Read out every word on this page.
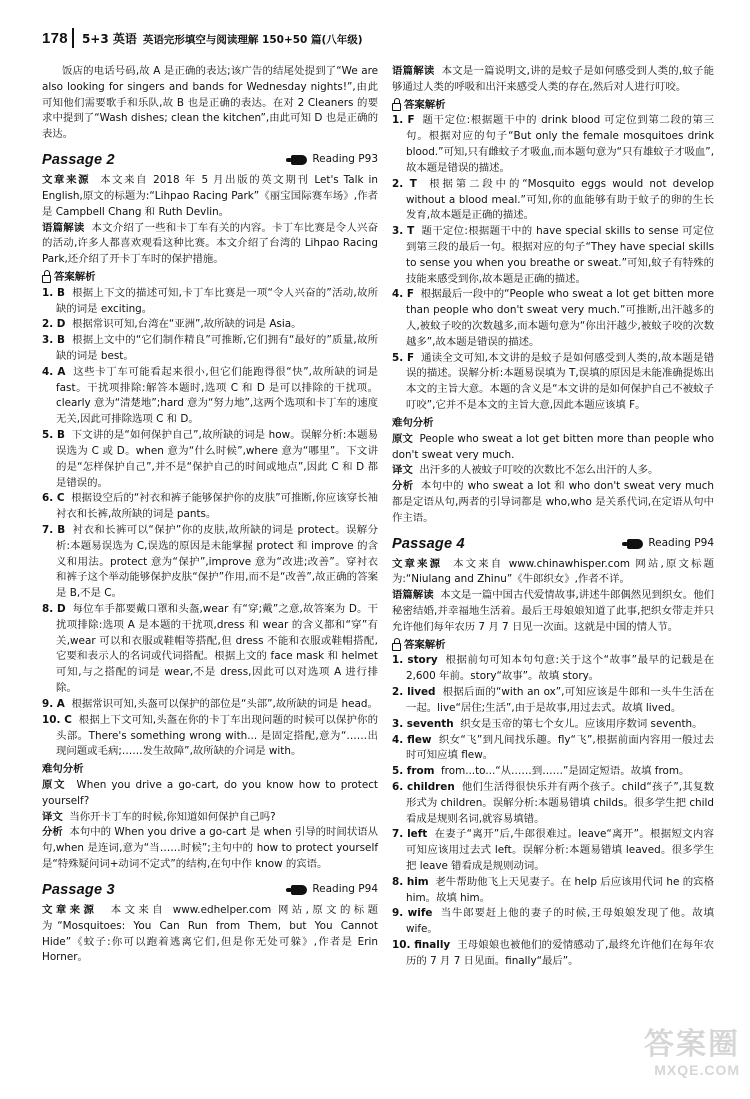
178 5+3 英语 英语完形填空与阅读理解 150+50 篇(八年级)

饭店的电话号码,故 A 是正确的表达;该广告的结尾处提到了“We are also looking for singers and bands for Wednesday nights!”,由此可知他们需要歌手和乐队,故 B 也是正确的表达。在对 2 Cleaners 的要求中提到了“Wash dishes; clean the kitchen”,由此可知 D 也是正确的表达。

Passage 2	Reading P93

文章来源 本文来自 2018 年 5 月出版的英文期刊 Let's Talk in English,原文的标题为:“Lihpao Racing Park”《丽宝国际赛车场》,作者是 Campbell Chang 和 Ruth Devlin。

语篇解读 本文介绍了一些和卡丁车有关的内容。卡丁车比赛是令人兴奋的活动,许多人都喜欢观看这种比赛。本文介绍了台湾的 Lihpao Racing Park,还介绍了开卡丁车时的保护措施。

答案解析

1. B 根据上下文的描述可知,卡丁车比赛是一项“令人兴奋的”活动,故所缺的词是 exciting。

2. D 根据常识可知,台湾在“亚洲”,故所缺的词是 Asia。

3. B 根据上文中的“它们制作精良”可推断,它们拥有“最好的”质量,故所缺的词是 best。

4. A 这些卡丁车可能看起来很小,但它们能跑得很“快”,故所缺的词是 fast。干扰项排除:解答本题时,选项 C 和 D 是可以排除的干扰项。clearly 意为“清楚地”;hard 意为“努力地”,这两个选项和卡丁车的速度无关,因此可排除选项 C 和 D。

5. B 下文讲的是“如何保护自己”,故所缺的词是 how。误解分析:本题易误选为 C 或 D。when 意为“什么时候”,where 意为“哪里”。下文讲的是“怎样保护自己”,并不是“保护自己的时间或地点”,因此 C 和 D 都是错误的。

6. C 根据设空后的“衬衣和裤子能够保护你的皮肤”可推断,你应该穿长袖衬衣和长裤,故所缺的词是 pants。

7. B 衬衣和长裤可以“保护”你的皮肤,故所缺的词是 protect。误解分析:本题易误选为 C,误选的原因是未能掌握 protect 和 improve 的含义和用法。protect 意为“保护”,improve 意为“改进;改善”。穿衬衣和裤子这个举动能够保护皮肤“保护”作用,而不是“改善”,故正确的答案是 B,不是 C。

8. D 每位车手都要戴口罩和头盔,wear 有“穿;戴”之意,故答案为 D。干扰项排除:选项 A 是本题的干扰项,dress 和 wear 的含义都和“穿”有关,wear 可以和衣服或鞋帽等搭配,但 dress 不能和衣服或鞋帽搭配,它要和表示人的名词或代词搭配。根据上文的 face mask 和 helmet 可知,与之搭配的词是 wear,不是 dress,因此可以对选项 A 进行排除。

9. A 根据常识可知,头盔可以保护的部位是“头部”,故所缺的词是 head。

10. C 根据上下文可知,头盔在你的卡丁车出现问题的时候可以保护你的头部。There's something wrong with... 是固定搭配,意为“……出现问题或毛病;……发生故障”,故所缺的介词是 with。

难句分析

原文 When you drive a go-cart, do you know how to protect yourself?

译文 当你开卡丁车的时候,你知道如何保护自己吗?

分析 本句中的 When you drive a go-cart 是 when 引导的时间状语从句,when 是连词,意为“当……时候”;主句中的 how to protect yourself 是“特殊疑问词+动词不定式”的结构,在句中作 know 的宾语。

Passage 3	Reading P94

文章来源 本文来自 www.edhelper.com 网站,原文的标题为“Mosquitoes: You Can Run from Them, but You Cannot Hide”《蚊子:你可以跑着逃离它们,但是你无处可躲》,作者是 Erin Horner。

语篇解读 本文是一篇说明文,讲的是蚊子是如何感受到人类的,蚊子能够通过人类的呼吸和出汗来感受人类的存在,然后对人进行叮咬。

答案解析

1. F 题干定位:根据题干中的 drink blood 可定位到第二段的第三句。根据对应的句子“But only the female mosquitoes drink blood.”可知,只有雌蚊子才吸血,而本题句意为“只有雄蚊子才吸血”,故本题是错误的描述。

2. T 根据第二段中的“Mosquito eggs would not develop without a blood meal.”可知,你的血能够有助于蚊子的卵的生长发育,故本题是正确的描述。

3. T 题干定位:根据题干中的 have special skills to sense 可定位到第三段的最后一句。根据对应的句子“They have special skills to sense you when you breathe or sweat.”可知,蚊子有特殊的技能来感受到你,故本题是正确的描述。

4. F 根据最后一段中的“People who sweat a lot get bitten more than people who don't sweat very much.”可推断,出汗越多的人,被蚊子咬的次数越多,而本题句意为“你出汗越少,被蚊子咬的次数越多”,故本题是错误的描述。

5. F 通读全文可知,本文讲的是蚊子是如何感受到人类的,故本题是错误的描述。误解分析:本题易误填为 T,误填的原因是未能准确提炼出本文的主旨大意。本题的含义是“本文讲的是如何保护自己不被蚊子叮咬”,它并不是本文的主旨大意,因此本题应该填 F。

难句分析

原文 People who sweat a lot get bitten more than people who don't sweat very much.

译文 出汗多的人被蚊子叮咬的次数比不怎么出汗的人多。

分析 本句中的 who sweat a lot 和 who don't sweat very much 都是定语从句,两者的引导词都是 who,who 是关系代词,在定语从句中作主语。

Passage 4	Reading P94

文章来源 本文来自 www.chinawhisper.com 网站,原文标题为:“Niulang and Zhinu”《牛郎织女》,作者不详。

语篇解读 本文是一篇中国古代爱情故事,讲述牛郎偶然见到织女。他们秘密结婚,并幸福地生活着。最后王母娘娘知道了此事,把织女带走并只允许他们每年农历 7 月 7 日见一次面。这就是中国的情人节。

答案解析

1. story 根据前句可知本句句意:关于这个“故事”最早的记载是在 2,600 年前。story“故事”。故填 story。

2. lived 根据后面的“with an ox”,可知应该是牛郎和一头牛生活在一起。live“居住;生活”,由于是故事,用过去式。故填 lived。

3. seventh 织女是玉帝的第七个女儿。应该用序数词 seventh。

4. flew 织女“飞”到凡间找乐趣。fly“飞”,根据前面内容用一般过去时可知应填 flew。

5. from from...to...“从……到……”是固定短语。故填 from。

6. children 他们生活得很快乐并有两个孩子。child“孩子”,其复数形式为 children。误解分析:本题易错填 childs。很多学生把 child 看成是规则名词,就容易填错。

7. left 在妻子“离开”后,牛郎很难过。leave“离开”。根据短文内容可知应该用过去式 left。误解分析:本题易错填 leaved。很多学生把 leave 错看成是规则动词。

8. him 老牛帮助他飞上天见妻子。在 help 后应该用代词 he 的宾格 him。故填 him。

9. wife 当牛郎要赶上他的妻子的时候,王母娘娘发现了他。故填 wife。

10. finally 王母娘娘也被他们的爱情感动了,最终允许他们在每年农历的 7 月 7 日见面。finally“最后”。

答案圈
MXQE.COM
